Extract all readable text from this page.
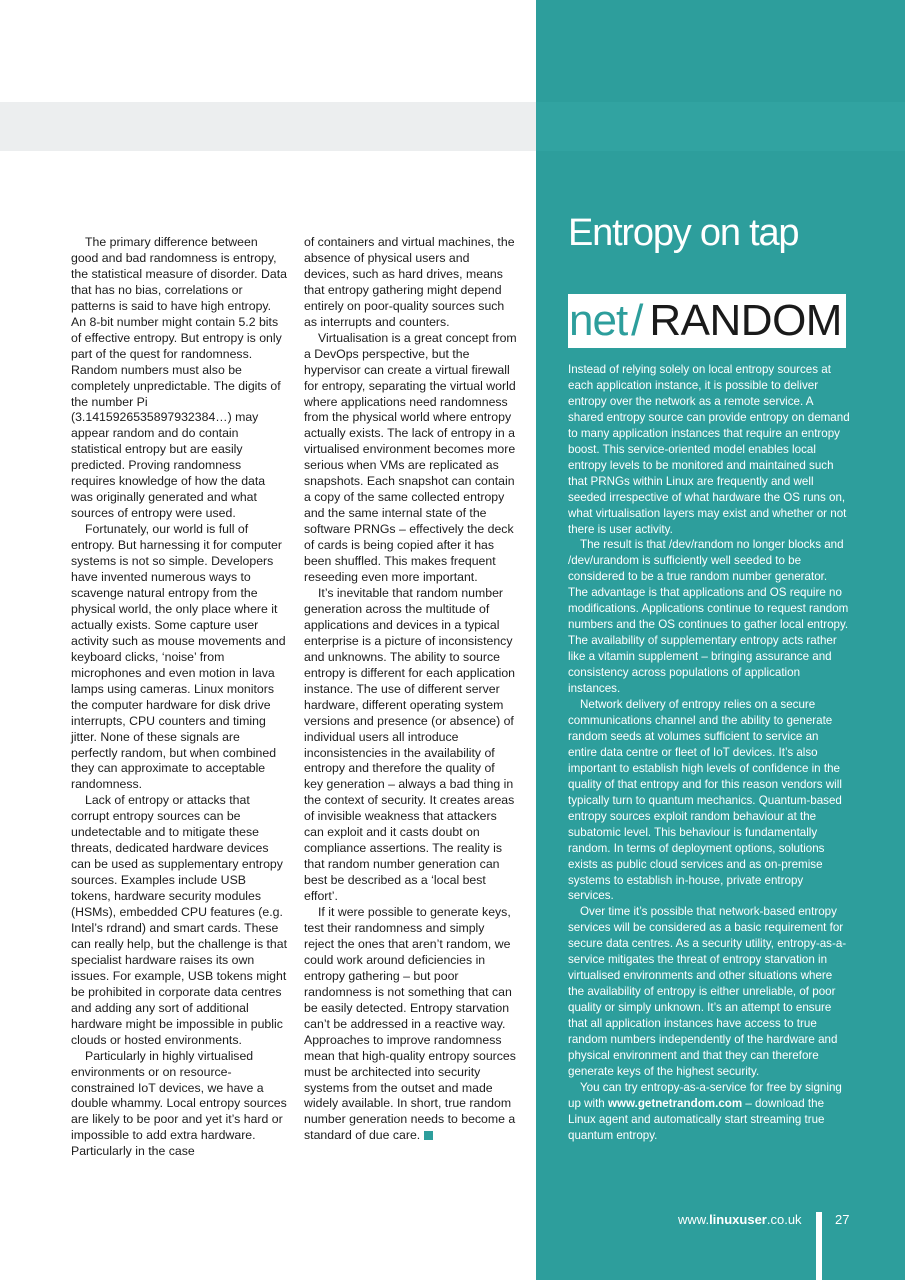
The primary difference between good and bad randomness is entropy, the statistical measure of disorder. Data that has no bias, correlations or patterns is said to have high entropy. An 8-bit number might contain 5.2 bits of effective entropy. But entropy is only part of the quest for randomness. Random numbers must also be completely unpredictable. The digits of the number Pi (3.1415926535897932384…) may appear random and do contain statistical entropy but are easily predicted. Proving randomness requires knowledge of how the data was originally generated and what sources of entropy were used.

Fortunately, our world is full of entropy. But harnessing it for computer systems is not so simple. Developers have invented numerous ways to scavenge natural entropy from the physical world, the only place where it actually exists. Some capture user activity such as mouse movements and keyboard clicks, ‘noise’ from microphones and even motion in lava lamps using cameras. Linux monitors the computer hardware for disk drive interrupts, CPU counters and timing jitter. None of these signals are perfectly random, but when combined they can approximate to acceptable randomness.

Lack of entropy or attacks that corrupt entropy sources can be undetectable and to mitigate these threats, dedicated hardware devices can be used as supplementary entropy sources. Examples include USB tokens, hardware security modules (HSMs), embedded CPU features (e.g. Intel’s rdrand) and smart cards. These can really help, but the challenge is that specialist hardware raises its own issues. For example, USB tokens might be prohibited in corporate data centres and adding any sort of additional hardware might be impossible in public clouds or hosted environments.

Particularly in highly virtualised environments or on resource-constrained IoT devices, we have a double whammy. Local entropy sources are likely to be poor and yet it’s hard or impossible to add extra hardware. Particularly in the case

of containers and virtual machines, the absence of physical users and devices, such as hard drives, means that entropy gathering might depend entirely on poor-quality sources such as interrupts and counters.

Virtualisation is a great concept from a DevOps perspective, but the hypervisor can create a virtual firewall for entropy, separating the virtual world where applications need randomness from the physical world where entropy actually exists. The lack of entropy in a virtualised environment becomes more serious when VMs are replicated as snapshots. Each snapshot can contain a copy of the same collected entropy and the same internal state of the software PRNGs – effectively the deck of cards is being copied after it has been shuffled. This makes frequent reseeding even more important.

It’s inevitable that random number generation across the multitude of applications and devices in a typical enterprise is a picture of inconsistency and unknowns. The ability to source entropy is different for each application instance. The use of different server hardware, different operating system versions and presence (or absence) of individual users all introduce inconsistencies in the availability of entropy and therefore the quality of key generation – always a bad thing in the context of security. It creates areas of invisible weakness that attackers can exploit and it casts doubt on compliance assertions. The reality is that random number generation can best be described as a ‘local best effort’.

If it were possible to generate keys, test their randomness and simply reject the ones that aren’t random, we could work around deficiencies in entropy gathering – but poor randomness is not something that can be easily detected. Entropy starvation can’t be addressed in a reactive way. Approaches to improve randomness mean that high-quality entropy sources must be architected into security systems from the outset and made widely available. In short, true random number generation needs to become a standard of due care.

Entropy on tap
net / RANDOM

Instead of relying solely on local entropy sources at each application instance, it is possible to deliver entropy over the network as a remote service. A shared entropy source can provide entropy on demand to many application instances that require an entropy boost. This service-oriented model enables local entropy levels to be monitored and maintained such that PRNGs within Linux are frequently and well seeded irrespective of what hardware the OS runs on, what virtualisation layers may exist and whether or not there is user activity.

The result is that /dev/random no longer blocks and /dev/urandom is sufficiently well seeded to be considered to be a true random number generator. The advantage is that applications and OS require no modifications. Applications continue to request random numbers and the OS continues to gather local entropy. The availability of supplementary entropy acts rather like a vitamin supplement – bringing assurance and consistency across populations of application instances.

Network delivery of entropy relies on a secure communications channel and the ability to generate random seeds at volumes sufficient to service an entire data centre or fleet of IoT devices. It’s also important to establish high levels of confidence in the quality of that entropy and for this reason vendors will typically turn to quantum mechanics. Quantum-based entropy sources exploit random behaviour at the subatomic level. This behaviour is fundamentally random. In terms of deployment options, solutions exists as public cloud services and as on-premise systems to establish in-house, private entropy services.

Over time it’s possible that network-based entropy services will be considered as a basic requirement for secure data centres. As a security utility, entropy-as-a-service mitigates the threat of entropy starvation in virtualised environments and other situations where the availability of entropy is either unreliable, of poor quality or simply unknown. It’s an attempt to ensure that all application instances have access to true random numbers independently of the hardware and physical environment and that they can therefore generate keys of the highest security.

You can try entropy-as-a-service for free by signing up with www.getnetrandom.com – download the Linux agent and automatically start streaming true quantum entropy.

www.linuxuser.co.uk	27
